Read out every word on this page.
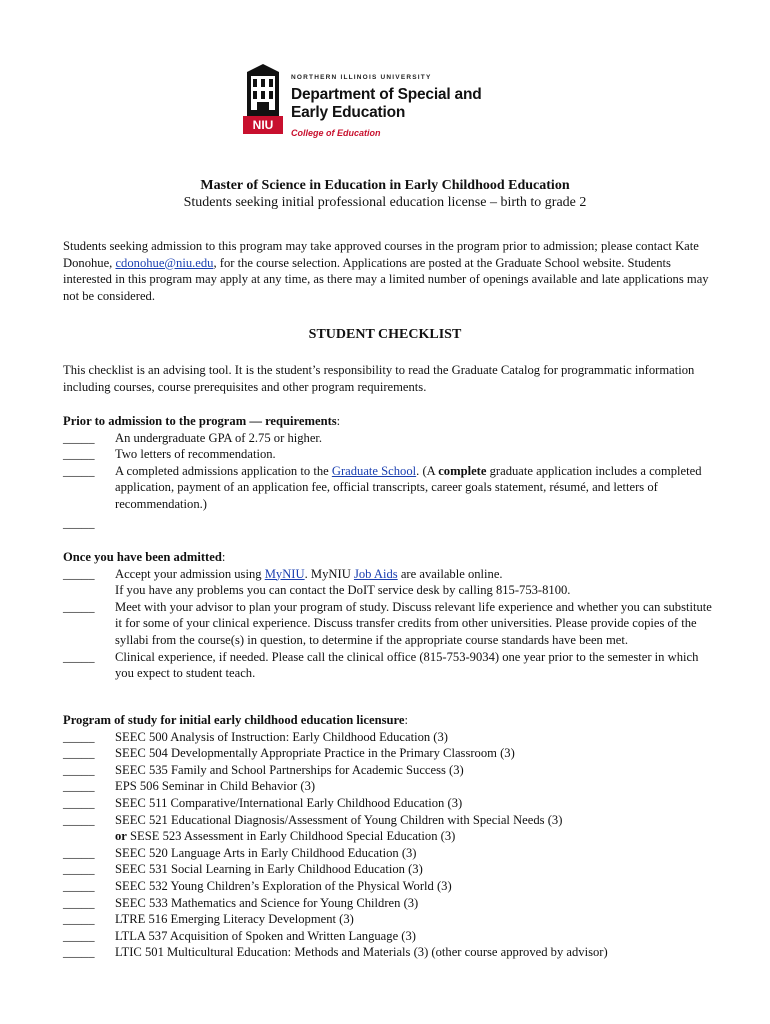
NIU
NORTHERN ILLINOIS UNIVERSITY
Department of Special and
Early Education
College of Education
Master of Science in Education in Early Childhood Education
Students seeking initial professional education license – birth to grade 2
Students seeking admission to this program may take approved courses in the program prior to admission; please contact Kate Donohue, cdonohue@niu.edu, for the course selection. Applications are posted at the Graduate School website. Students interested in this program may apply at any time, as there may a limited number of openings available and late applications may not be considered.
STUDENT CHECKLIST
This checklist is an advising tool. It is the student’s responsibility to read the Graduate Catalog for programmatic information including courses, course prerequisites and other program requirements.
Prior to admission to the program — requirements:
_____	An undergraduate GPA of 2.75 or higher.
_____	Two letters of recommendation.
_____	A completed admissions application to the Graduate School. (A complete graduate application includes a completed application, payment of an application fee, official transcripts, career goals statement, résumé, and letters of recommendation.)
_____
Once you have been admitted:
_____	Accept your admission using MyNIU. MyNIU Job Aids are available online.
If you have any problems you can contact the DoIT service desk by calling 815-753-8100.
_____	Meet with your advisor to plan your program of study. Discuss relevant life experience and whether you can substitute it for some of your clinical experience. Discuss transfer credits from other universities. Please provide copies of the syllabi from the course(s) in question, to determine if the appropriate course standards have been met.
_____	Clinical experience, if needed. Please call the clinical office (815-753-9034) one year prior to the semester in which you expect to student teach.
Program of study for initial early childhood education licensure:
_____	SEEC 500 Analysis of Instruction: Early Childhood Education (3)
_____	SEEC 504 Developmentally Appropriate Practice in the Primary Classroom (3)
_____	SEEC 535 Family and School Partnerships for Academic Success (3)
_____	EPS 506 Seminar in Child Behavior (3)
_____	SEEC 511 Comparative/International Early Childhood Education (3)
_____	SEEC 521 Educational Diagnosis/Assessment of Young Children with Special Needs (3)
or SESE 523 Assessment in Early Childhood Special Education (3)
_____	SEEC 520 Language Arts in Early Childhood Education (3)
_____	SEEC 531 Social Learning in Early Childhood Education (3)
_____	SEEC 532 Young Children’s Exploration of the Physical World (3)
_____	SEEC 533 Mathematics and Science for Young Children (3)
_____	LTRE 516 Emerging Literacy Development (3)
_____	LTLA 537 Acquisition of Spoken and Written Language (3)
_____	LTIC 501 Multicultural Education: Methods and Materials (3) (other course approved by advisor)
